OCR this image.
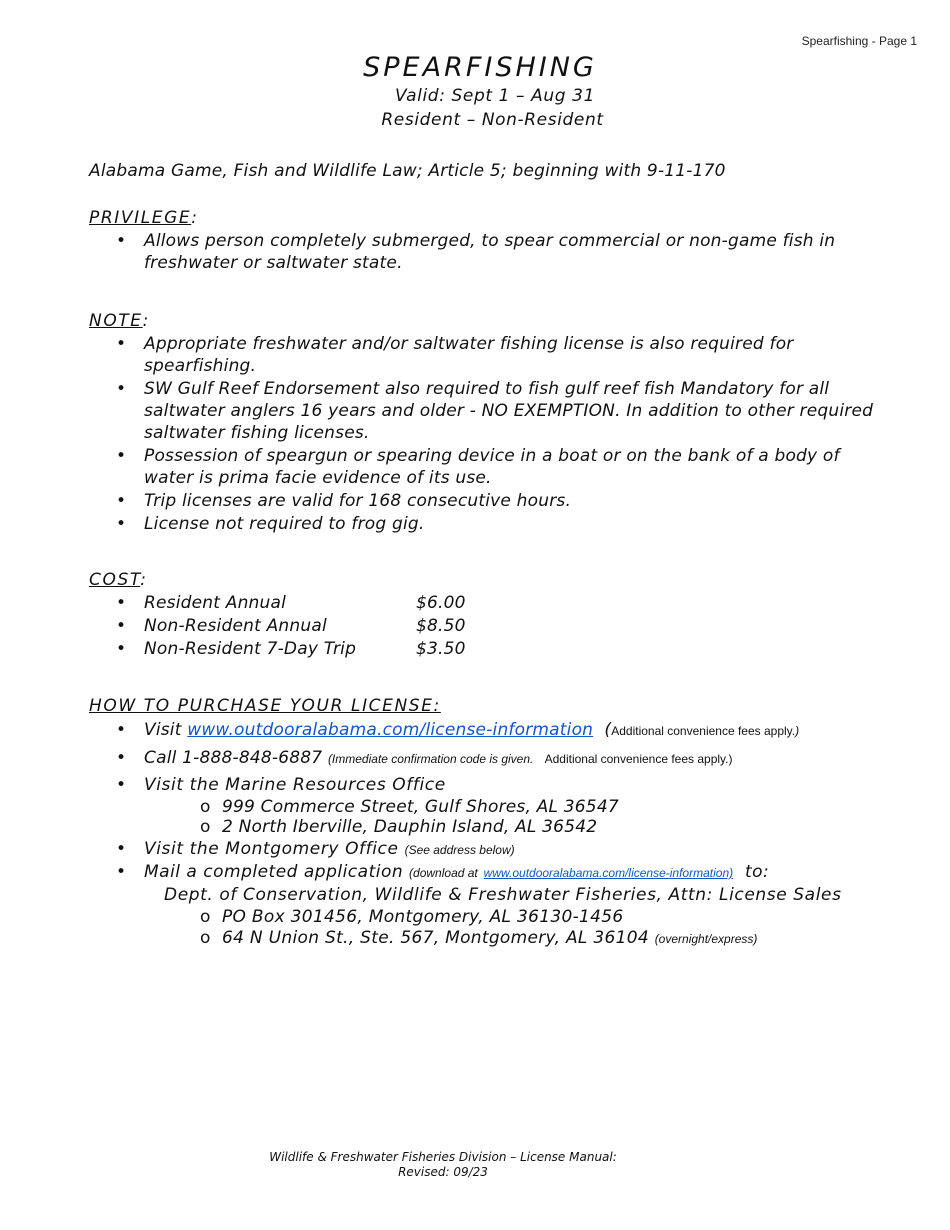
Spearfishing - Page 1
SPEARFISHING
Valid: Sept 1 – Aug 31
Resident – Non-Resident

Alabama Game, Fish and Wildlife Law; Article 5; beginning with 9-11-170

PRIVILEGE:

• Allows person completely submerged, to spear commercial or non-game fish in freshwater or saltwater state.

NOTE:

• Appropriate freshwater and/or saltwater fishing license is also required for spearfishing.
• SW Gulf Reef Endorsement also required to fish gulf reef fish Mandatory for all saltwater anglers 16 years and older - NO EXEMPTION. In addition to other required saltwater fishing licenses.
• Possession of speargun or spearing device in a boat or on the bank of a body of water is prima facie evidence of its use.
• Trip licenses are valid for 168 consecutive hours.
• License not required to frog gig.

COST:

• Resident Annual	$6.00
• Non-Resident Annual	$8.50
• Non-Resident 7-Day Trip	$3.50

HOW TO PURCHASE YOUR LICENSE:

• Visit www.outdooralabama.com/license-information (Additional convenience fees apply.)
• Call 1-888-848-6887 (Immediate confirmation code is given. Additional convenience fees apply.)
• Visit the Marine Resources Office
o 999 Commerce Street, Gulf Shores, AL 36547
o 2 North Iberville, Dauphin Island, AL 36542
• Visit the Montgomery Office (See address below)
• Mail a completed application (download at www.outdooralabama.com/license-information) to:
Dept. of Conservation, Wildlife & Freshwater Fisheries, Attn: License Sales
o PO Box 301456, Montgomery, AL 36130-1456
o 64 N Union St., Ste. 567, Montgomery, AL 36104 (overnight/express)
Wildlife & Freshwater Fisheries Division – License Manual:
Revised: 09/23
